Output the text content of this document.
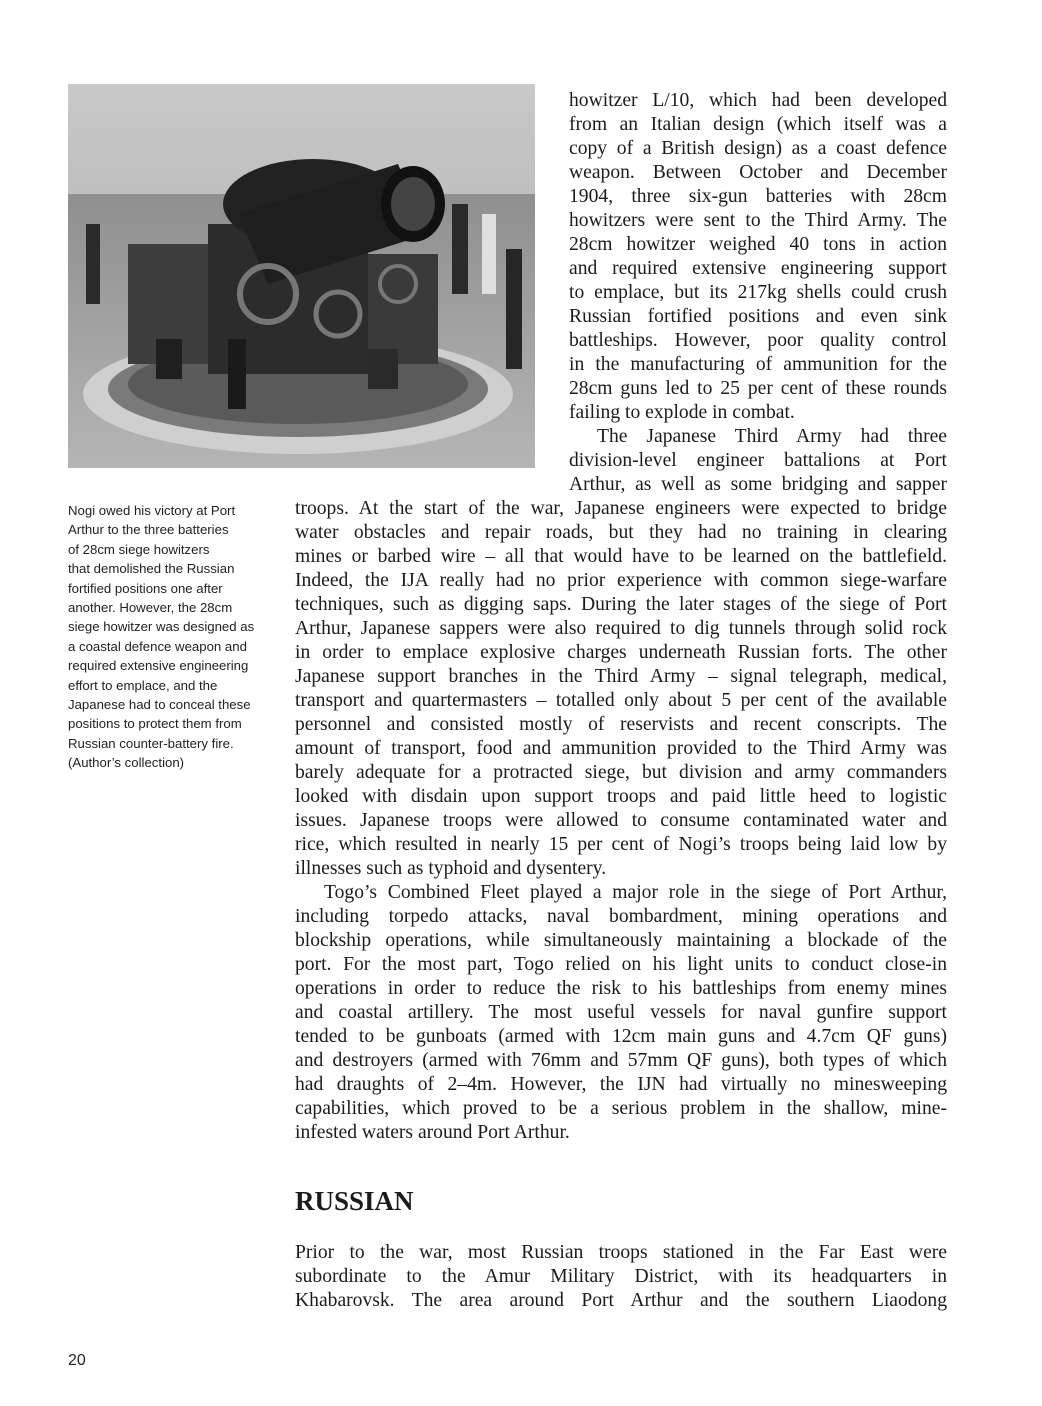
Nogi owed his victory at Port
Arthur to the three batteries
of 28cm siege howitzers
that demolished the Russian
fortified positions one after
another. However, the 28cm
siege howitzer was designed as
a coastal defence weapon and
required extensive engineering
effort to emplace, and the
Japanese had to conceal these
positions to protect them from
Russian counter-battery fire.
(Author’s collection)
howitzer L/10, which had been developed
from an Italian design (which itself was a
copy of a British design) as a coast defence
weapon. Between October and December
1904, three six-gun batteries with 28cm
howitzers were sent to the Third Army. The
28cm howitzer weighed 40 tons in action
and required extensive engineering support
to emplace, but its 217kg shells could crush
Russian fortified positions and even sink
battleships. However, poor quality control
in the manufacturing of ammunition for the
28cm guns led to 25 per cent of these rounds
failing to explode in combat.
The Japanese Third Army had three
division-level engineer battalions at Port
Arthur, as well as some bridging and sapper
troops. At the start of the war, Japanese engineers were expected to bridge
water obstacles and repair roads, but they had no training in clearing
mines or barbed wire – all that would have to be learned on the battlefield.
Indeed, the IJA really had no prior experience with common siege-warfare
techniques, such as digging saps. During the later stages of the siege of Port
Arthur, Japanese sappers were also required to dig tunnels through solid rock
in order to emplace explosive charges underneath Russian forts. The other
Japanese support branches in the Third Army – signal telegraph, medical,
transport and quartermasters – totalled only about 5 per cent of the available
personnel and consisted mostly of reservists and recent conscripts. The
amount of transport, food and ammunition provided to the Third Army was
barely adequate for a protracted siege, but division and army commanders
looked with disdain upon support troops and paid little heed to logistic
issues. Japanese troops were allowed to consume contaminated water and
rice, which resulted in nearly 15 per cent of Nogi’s troops being laid low by
illnesses such as typhoid and dysentery.
Togo’s Combined Fleet played a major role in the siege of Port Arthur,
including torpedo attacks, naval bombardment, mining operations and
blockship operations, while simultaneously maintaining a blockade of the
port. For the most part, Togo relied on his light units to conduct close-in
operations in order to reduce the risk to his battleships from enemy mines
and coastal artillery. The most useful vessels for naval gunfire support
tended to be gunboats (armed with 12cm main guns and 4.7cm QF guns)
and destroyers (armed with 76mm and 57mm QF guns), both types of which
had draughts of 2–4m. However, the IJN had virtually no minesweeping
capabilities, which proved to be a serious problem in the shallow, mine-
infested waters around Port Arthur.
RUSSIAN
Prior to the war, most Russian troops stationed in the Far East were
subordinate to the Amur Military District, with its headquarters in
Khabarovsk. The area around Port Arthur and the southern Liaodong
20
